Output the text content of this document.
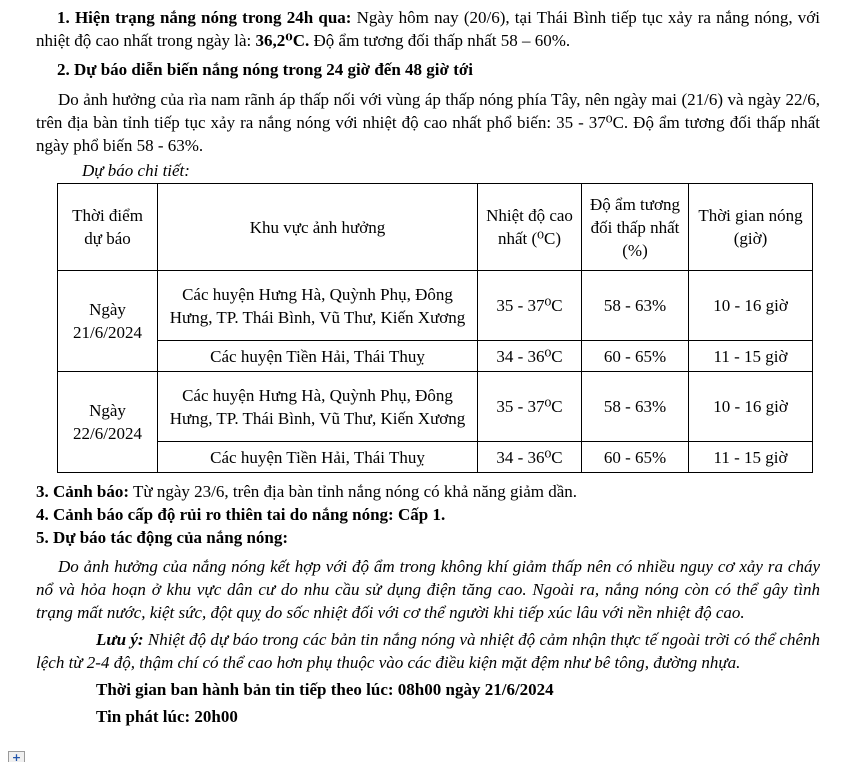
1. Hiện trạng nắng nóng trong 24h qua: Ngày hôm nay (20/6), tại Thái Bình tiếp tục xảy ra nắng nóng, với nhiệt độ cao nhất trong ngày là: 36,2⁰C. Độ ẩm tương đối thấp nhất 58 – 60%.

2. Dự báo diễn biến nắng nóng trong 24 giờ đến 48 giờ tới

Do ảnh hưởng của rìa nam rãnh áp thấp nối với vùng áp thấp nóng phía Tây, nên ngày mai (21/6) và ngày 22/6, trên địa bàn tỉnh tiếp tục xảy ra nắng nóng với nhiệt độ cao nhất phổ biến: 35 - 37⁰C. Độ ẩm tương đối thấp nhất ngày phổ biến 58 - 63%.

Dự báo chi tiết:

Thời điểm dự báo	Khu vực ảnh hưởng	Nhiệt độ cao nhất (⁰C)	Độ ẩm tương đối thấp nhất (%)	Thời gian nóng (giờ)
Ngày 21/6/2024	Các huyện Hưng Hà, Quỳnh Phụ, Đông Hưng, TP. Thái Bình, Vũ Thư, Kiến Xương	35 - 37⁰C	58 - 63%	10 - 16 giờ
	Các huyện Tiền Hải, Thái Thuỵ	34 - 36⁰C	60 - 65%	11 - 15 giờ
Ngày 22/6/2024	Các huyện Hưng Hà, Quỳnh Phụ, Đông Hưng, TP. Thái Bình, Vũ Thư, Kiến Xương	35 - 37⁰C	58 - 63%	10 - 16 giờ
	Các huyện Tiền Hải, Thái Thuỵ	34 - 36⁰C	60 - 65%	11 - 15 giờ

3. Cảnh báo: Từ ngày 23/6, trên địa bàn tỉnh nắng nóng có khả năng giảm dần.

4. Cảnh báo cấp độ rủi ro thiên tai do nắng nóng: Cấp 1.

5. Dự báo tác động của nắng nóng:

Do ảnh hưởng của nắng nóng kết hợp với độ ẩm trong không khí giảm thấp nên có nhiều nguy cơ xảy ra cháy nổ và hỏa hoạn ở khu vực dân cư do nhu cầu sử dụng điện tăng cao. Ngoài ra, nắng nóng còn có thể gây tình trạng mất nước, kiệt sức, đột quỵ do sốc nhiệt đối với cơ thể người khi tiếp xúc lâu với nền nhiệt độ cao.

Lưu ý: Nhiệt độ dự báo trong các bản tin nắng nóng và nhiệt độ cảm nhận thực tế ngoài trời có thể chênh lệch từ 2-4 độ, thậm chí có thể cao hơn phụ thuộc vào các điều kiện mặt đệm như bê tông, đường nhựa.

Thời gian ban hành bản tin tiếp theo lúc: 08h00 ngày 21/6/2024

Tin phát lúc: 20h00

+
